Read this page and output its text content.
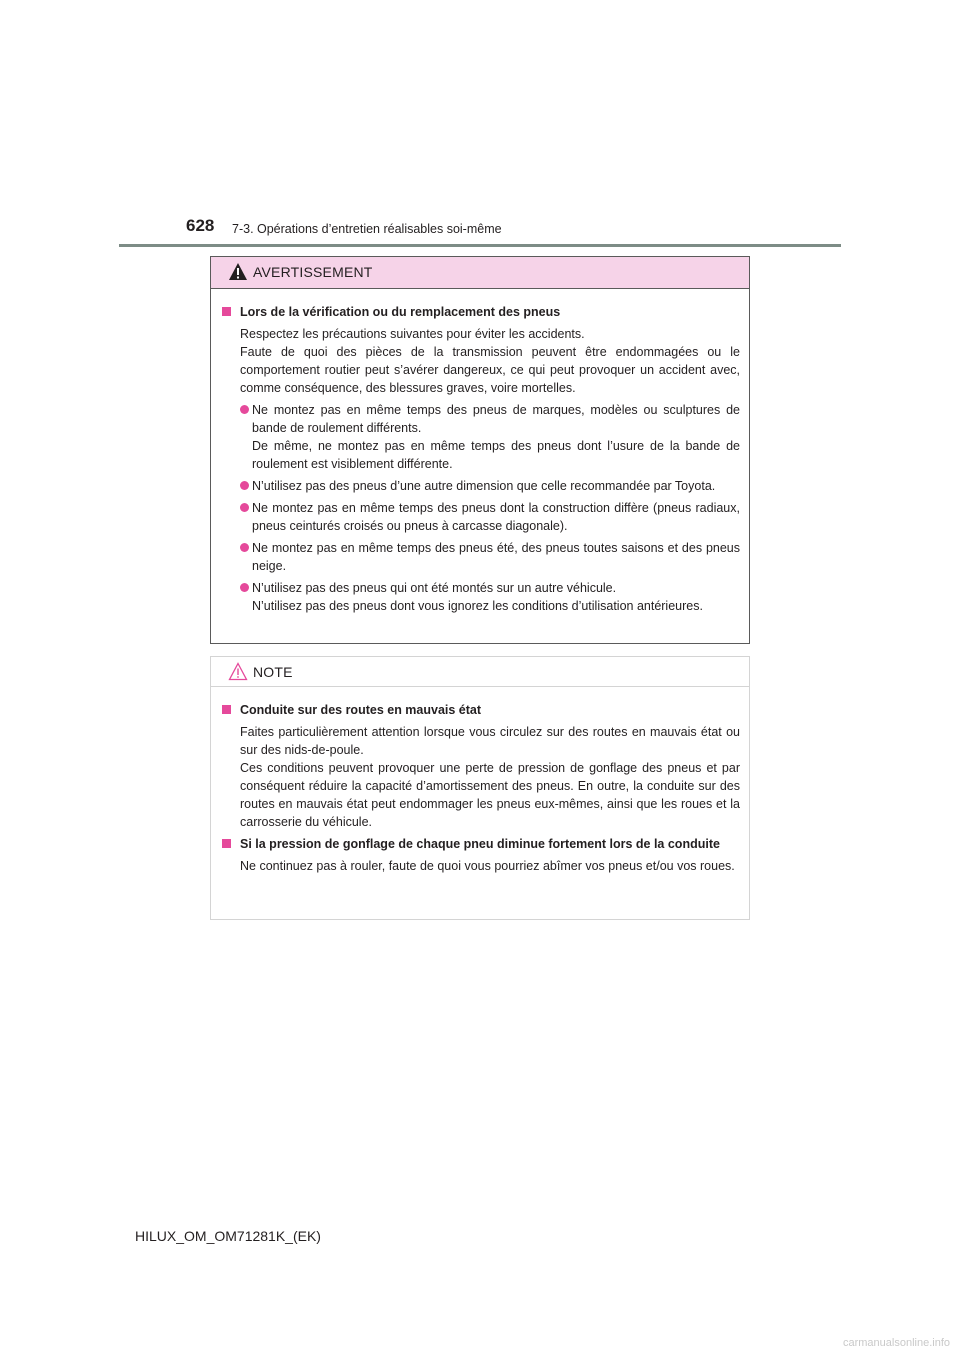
628 7-3. Opérations d’entretien réalisables soi-même
AVERTISSEMENT
Lors de la vérification ou du remplacement des pneus
Respectez les précautions suivantes pour éviter les accidents.
Faute de quoi des pièces de la transmission peuvent être endommagées ou le comportement routier peut s’avérer dangereux, ce qui peut provoquer un accident avec, comme conséquence, des blessures graves, voire mortelles.
Ne montez pas en même temps des pneus de marques, modèles ou sculptures de bande de roulement différents.
De même, ne montez pas en même temps des pneus dont l’usure de la bande de roulement est visiblement différente.
N’utilisez pas des pneus d’une autre dimension que celle recommandée par Toyota.
Ne montez pas en même temps des pneus dont la construction diffère (pneus radiaux, pneus ceinturés croisés ou pneus à carcasse diagonale).
Ne montez pas en même temps des pneus été, des pneus toutes saisons et des pneus neige.
N’utilisez pas des pneus qui ont été montés sur un autre véhicule.
N’utilisez pas des pneus dont vous ignorez les conditions d’utilisation antérieures.
NOTE
Conduite sur des routes en mauvais état
Faites particulièrement attention lorsque vous circulez sur des routes en mauvais état ou sur des nids-de-poule.
Ces conditions peuvent provoquer une perte de pression de gonflage des pneus et par conséquent réduire la capacité d’amortissement des pneus. En outre, la conduite sur des routes en mauvais état peut endommager les pneus eux-mêmes, ainsi que les roues et la carrosserie du véhicule.
Si la pression de gonflage de chaque pneu diminue fortement lors de la conduite
Ne continuez pas à rouler, faute de quoi vous pourriez abîmer vos pneus et/ou vos roues.
HILUX_OM_OM71281K_(EK)
carmanualsonline.info
